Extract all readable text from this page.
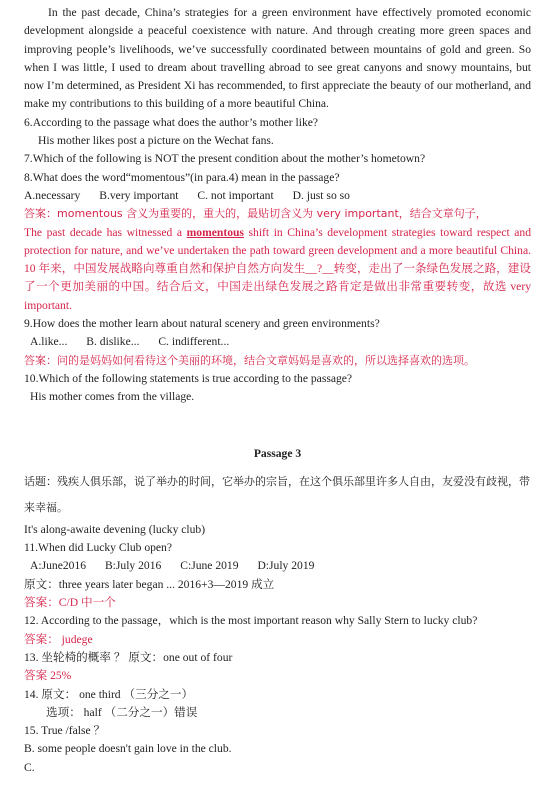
In the past decade, China’s strategies for a green environment have effectively promoted economic development alongside a peaceful coexistence with nature. And through creating more green spaces and improving people’s livelihoods, we’ve successfully coordinated between mountains of gold and green. So when I was little, I used to dream about travelling abroad to see great canyons and snowy mountains, but now I’m determined, as President Xi has recommended, to first appreciate the beauty of our motherland, and make my contributions to this building of a more beautiful China.

6.According to the passage what does the author’s mother like?

His mother likes post a picture on the Wechat fans.

7.Which of the following is NOT the present condition about the mother’s hometown?

8.What does the word“momentous”(in para.4) mean in the passage?

A.necessary B.very important C. not important D. just so so

答案：momentous 含义为重要的，重大的，最贴切含义为 very important，结合文章句子，

The past decade has witnessed a momentous shift in China’s development strategies toward respect and protection for nature, and we’ve undertaken the path toward green development and a more beautiful China. 10 年来，中国发展战略向尊重自然和保护自然方向发生__?__转变，走出了一条绿色发展之路，建设了一个更加美丽的中国。结合后文，中国走出绿色发展之路肯定是做出非常重要转变，故选 very important.

9.How does the mother learn about natural scenery and green environments?

A.like... B. dislike... C. indifferent...

答案：问的是妈妈如何看待这个美丽的环境，结合文章妈妈是喜欢的，所以选择喜欢的选项。

10.Which of the following statements is true according to the passage?

His mother comes from the village.

Passage 3

话题：残疾人俱乐部，说了举办的时间，它举办的宗旨，在这个俱乐部里许多人自由，友爱没有歧视，带来幸福。

It's along-awaite devening (lucky club)

11.When did Lucky Club open?

A:June2016 B:July 2016 C:June 2019 D:July 2019

原文：three years later began ... 2016+3—2019 成立

答案：C/D 中一个

12. According to the passage，which is the most important reason why Sally Stern to lucky club?

答案： judege

13. 坐轮椅的概率 ？ 原文：one out of four

答案 25%

14. 原文： one third （三分之一）

选项： half （二分之一）错误

15. True /false ？

B. some people doesn't gain love in the club.

C.
